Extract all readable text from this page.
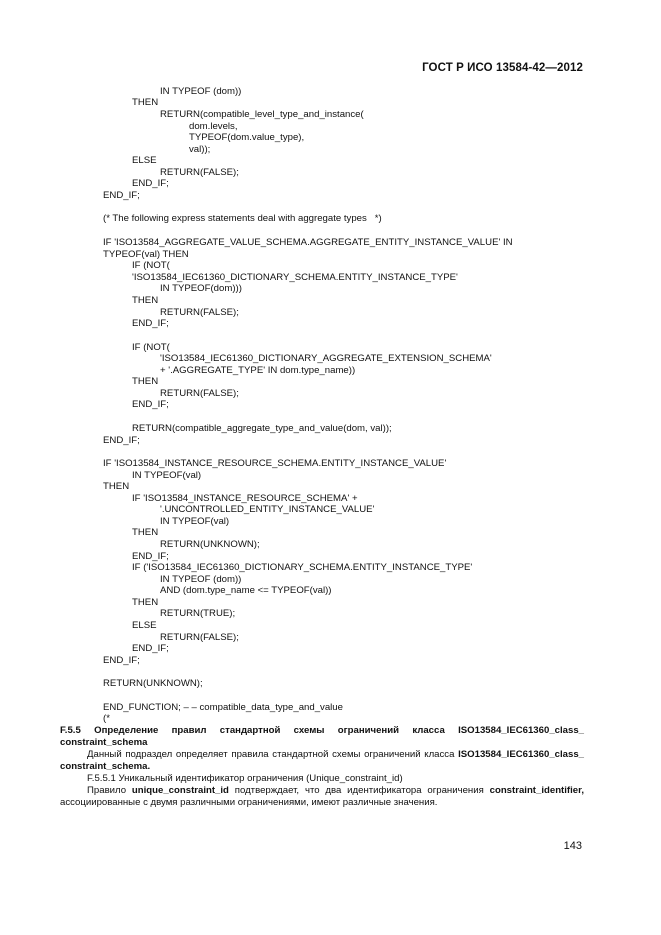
ГОСТ Р ИСО 13584-42—2012
IN TYPEOF (dom))
THEN
RETURN(compatible_level_type_and_instance(
dom.levels,
TYPEOF(dom.value_type),
val));
ELSE
RETURN(FALSE);
END_IF;
END_IF;
(* The following express statements deal with aggregate types   *)
IF 'ISO13584_AGGREGATE_VALUE_SCHEMA.AGGREGATE_ENTITY_INSTANCE_VALUE' IN
TYPEOF(val) THEN
IF (NOT(
'ISO13584_IEC61360_DICTIONARY_SCHEMA.ENTITY_INSTANCE_TYPE'
IN TYPEOF(dom)))
THEN
RETURN(FALSE);
END_IF;
IF (NOT(
'ISO13584_IEC61360_DICTIONARY_AGGREGATE_EXTENSION_SCHEMA'
+ '.AGGREGATE_TYPE' IN dom.type_name))
THEN
RETURN(FALSE);
END_IF;
RETURN(compatible_aggregate_type_and_value(dom, val));
END_IF;
IF 'ISO13584_INSTANCE_RESOURCE_SCHEMA.ENTITY_INSTANCE_VALUE'
IN TYPEOF(val)
THEN
IF 'ISO13584_INSTANCE_RESOURCE_SCHEMA' +
'.UNCONTROLLED_ENTITY_INSTANCE_VALUE'
IN TYPEOF(val)
THEN
RETURN(UNKNOWN);
END_IF;
IF ('ISO13584_IEC61360_DICTIONARY_SCHEMA.ENTITY_INSTANCE_TYPE'
IN TYPEOF (dom))
AND (dom.type_name <= TYPEOF(val))
THEN
RETURN(TRUE);
ELSE
RETURN(FALSE);
END_IF;
END_IF;
RETURN(UNKNOWN);
END_FUNCTION; – – compatible_data_type_and_value
(*
F.5.5 Определение правил стандартной схемы ограничений класса ISO13584_IEC61360_class_
constraint_schema
Данный подраздел определяет правила стандартной схемы ограничений класса ISO13584_IEC61360_class_
constraint_schema.
F.5.5.1 Уникальный идентификатор ограничения (Unique_constraint_id)
Правило unique_constraint_id подтверждает, что два идентификатора ограничения constraint_identifier,
ассоциированные с двумя различными ограничениями, имеют различные значения.
143
